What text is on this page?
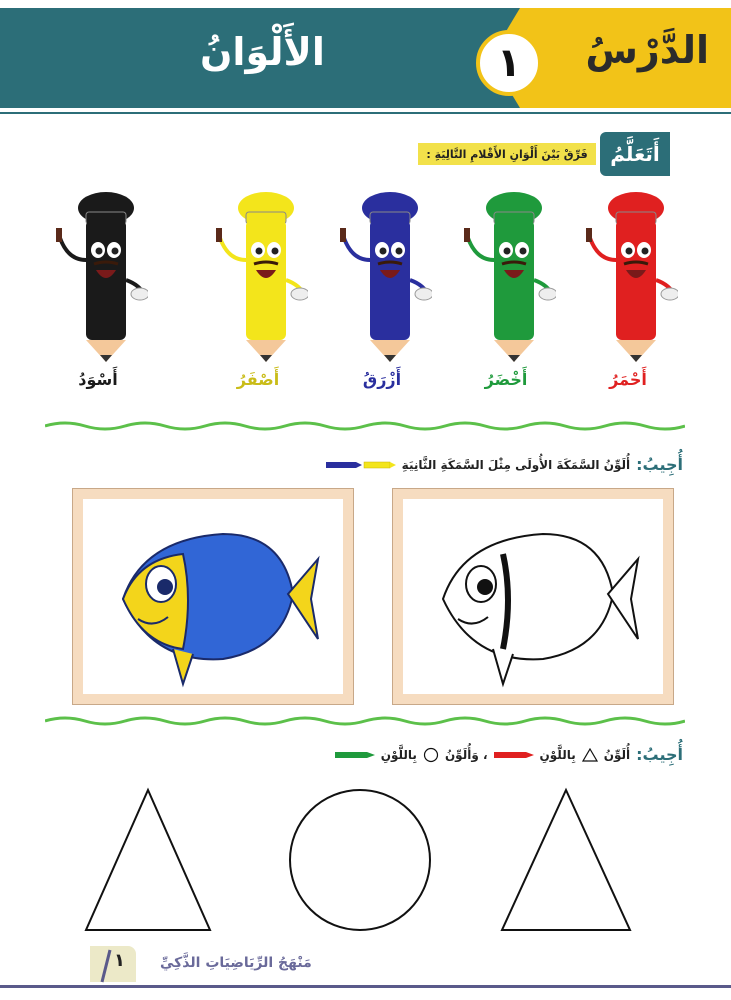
الدَّرْسُ
١
الأَلْوَانُ
أَتَعَلَّمُ
فَرِّقْ بَيْنَ أَلْوَانِ الأَقْلامِ التَّالِيَةِ :
أَحْمَرُ
أَخْضَرُ
أَزْرَقُ
أَصْفَرُ
أَسْوَدُ
أُجِيبُ:
أُلَوِّنُ السَّمَكَةَ الأُولَى مِثْلَ السَّمَكَةِ الثَّانِيَةِ
أُجِيبُ:
أُلَوِّنُ
بِاللَّوْنِ
، وَأُلَوِّنُ
بِاللَّوْنِ
١	مَنْهَجُ الرِّيَاضِيَاتِ الذَّكِيِّ
